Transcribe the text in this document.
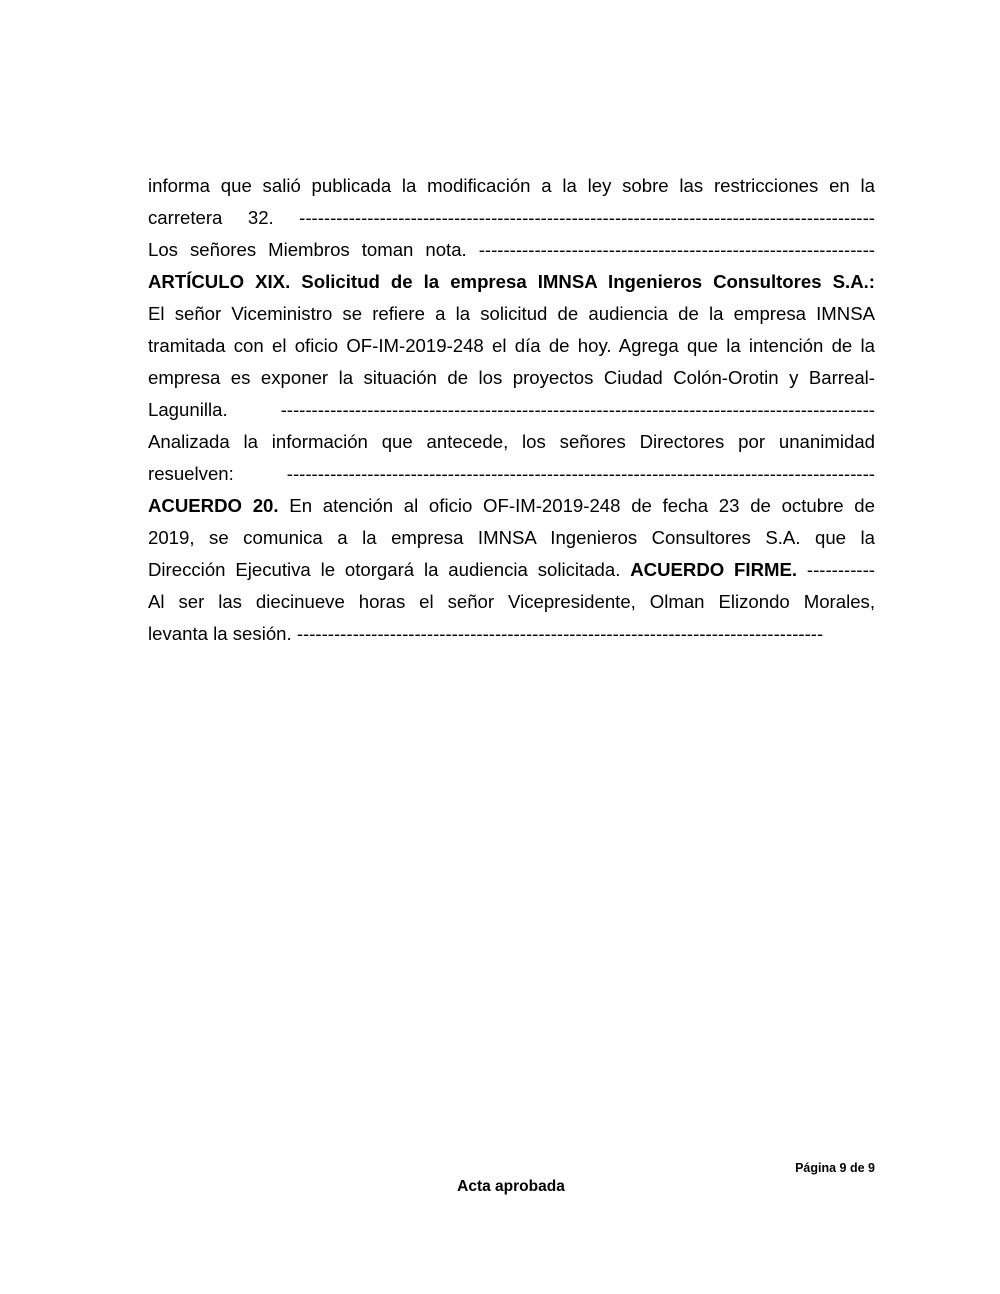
informa que salió publicada la modificación a la ley sobre las restricciones en la
carretera 32. ---------------------------------------------------------------------------------------------
Los señores Miembros toman nota. ----------------------------------------------------------------
ARTÍCULO XIX. Solicitud de la empresa IMNSA Ingenieros Consultores S.A.:
El señor Viceministro se refiere a la solicitud de audiencia de la empresa IMNSA
tramitada con el oficio OF-IM-2019-248 el día de hoy. Agrega que la intención de la
empresa es exponer la situación de los proyectos Ciudad Colón-Orotin y Barreal-
Lagunilla. ------------------------------------------------------------------------------------------------
Analizada la información que antecede, los señores Directores por unanimidad
resuelven: -----------------------------------------------------------------------------------------------
ACUERDO 20. En atención al oficio OF-IM-2019-248 de fecha 23 de octubre de
2019, se comunica a la empresa IMNSA Ingenieros Consultores S.A. que la
Dirección Ejecutiva le otorgará la audiencia solicitada. ACUERDO FIRME. -----------
Al ser las diecinueve horas el señor Vicepresidente, Olman Elizondo Morales,
levanta la sesión. -------------------------------------------------------------------------------------
Página 9 de 9
Acta aprobada
